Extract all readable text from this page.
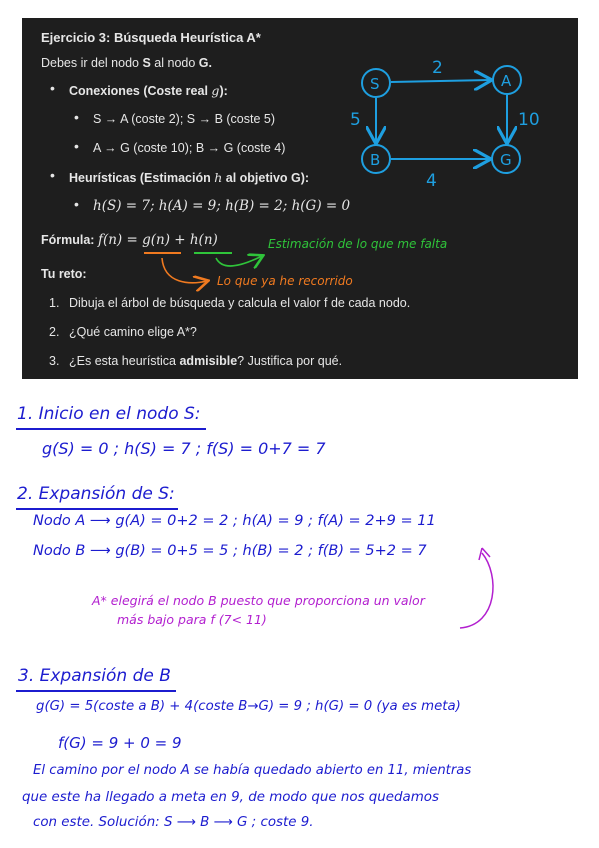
Ejercicio 3: Búsqueda Heurística A*
Debes ir del nodo S al nodo G.
• Conexiones (Coste real g):
• S → A (coste 2); S → B (coste 5)
• A → G (coste 10); B → G (coste 4)
• Heurísticas (Estimación h al objetivo G):
• h(S) = 7; h(A) = 9; h(B) = 2; h(G) = 0
Fórmula: f(n) = g(n) + h(n)
Tu reto:
1. Dibuja el árbol de búsqueda y calcula el valor f de cada nodo.
2. ¿Qué camino elige A*?
3. ¿Es esta heurística admisible? Justifica por qué.
S	A
B	G
2
5	10
4
Estimación de lo que me falta
Lo que ya he recorrido
1. Inicio en el nodo S:
g(S) = 0 ; h(S) = 7 ; f(S) = 0+7 = 7
2. Expansión de S:
Nodo A ⟶ g(A) = 0+2 = 2 ; h(A) = 9 ; f(A) = 2+9 = 11
Nodo B ⟶ g(B) = 0+5 = 5 ; h(B) = 2 ; f(B) = 5+2 = 7
A* elegirá el nodo B puesto que proporciona un valor
más bajo para f (7< 11)
3. Expansión de B
g(G) = 5(coste a B) + 4(coste B→G) = 9 ; h(G) = 0 (ya es meta)
f(G) = 9 + 0 = 9
El camino por el nodo A se había quedado abierto en 11, mientras
que este ha llegado a meta en 9, de modo que nos quedamos
con este. Solución: S ⟶ B ⟶ G ; coste 9.
